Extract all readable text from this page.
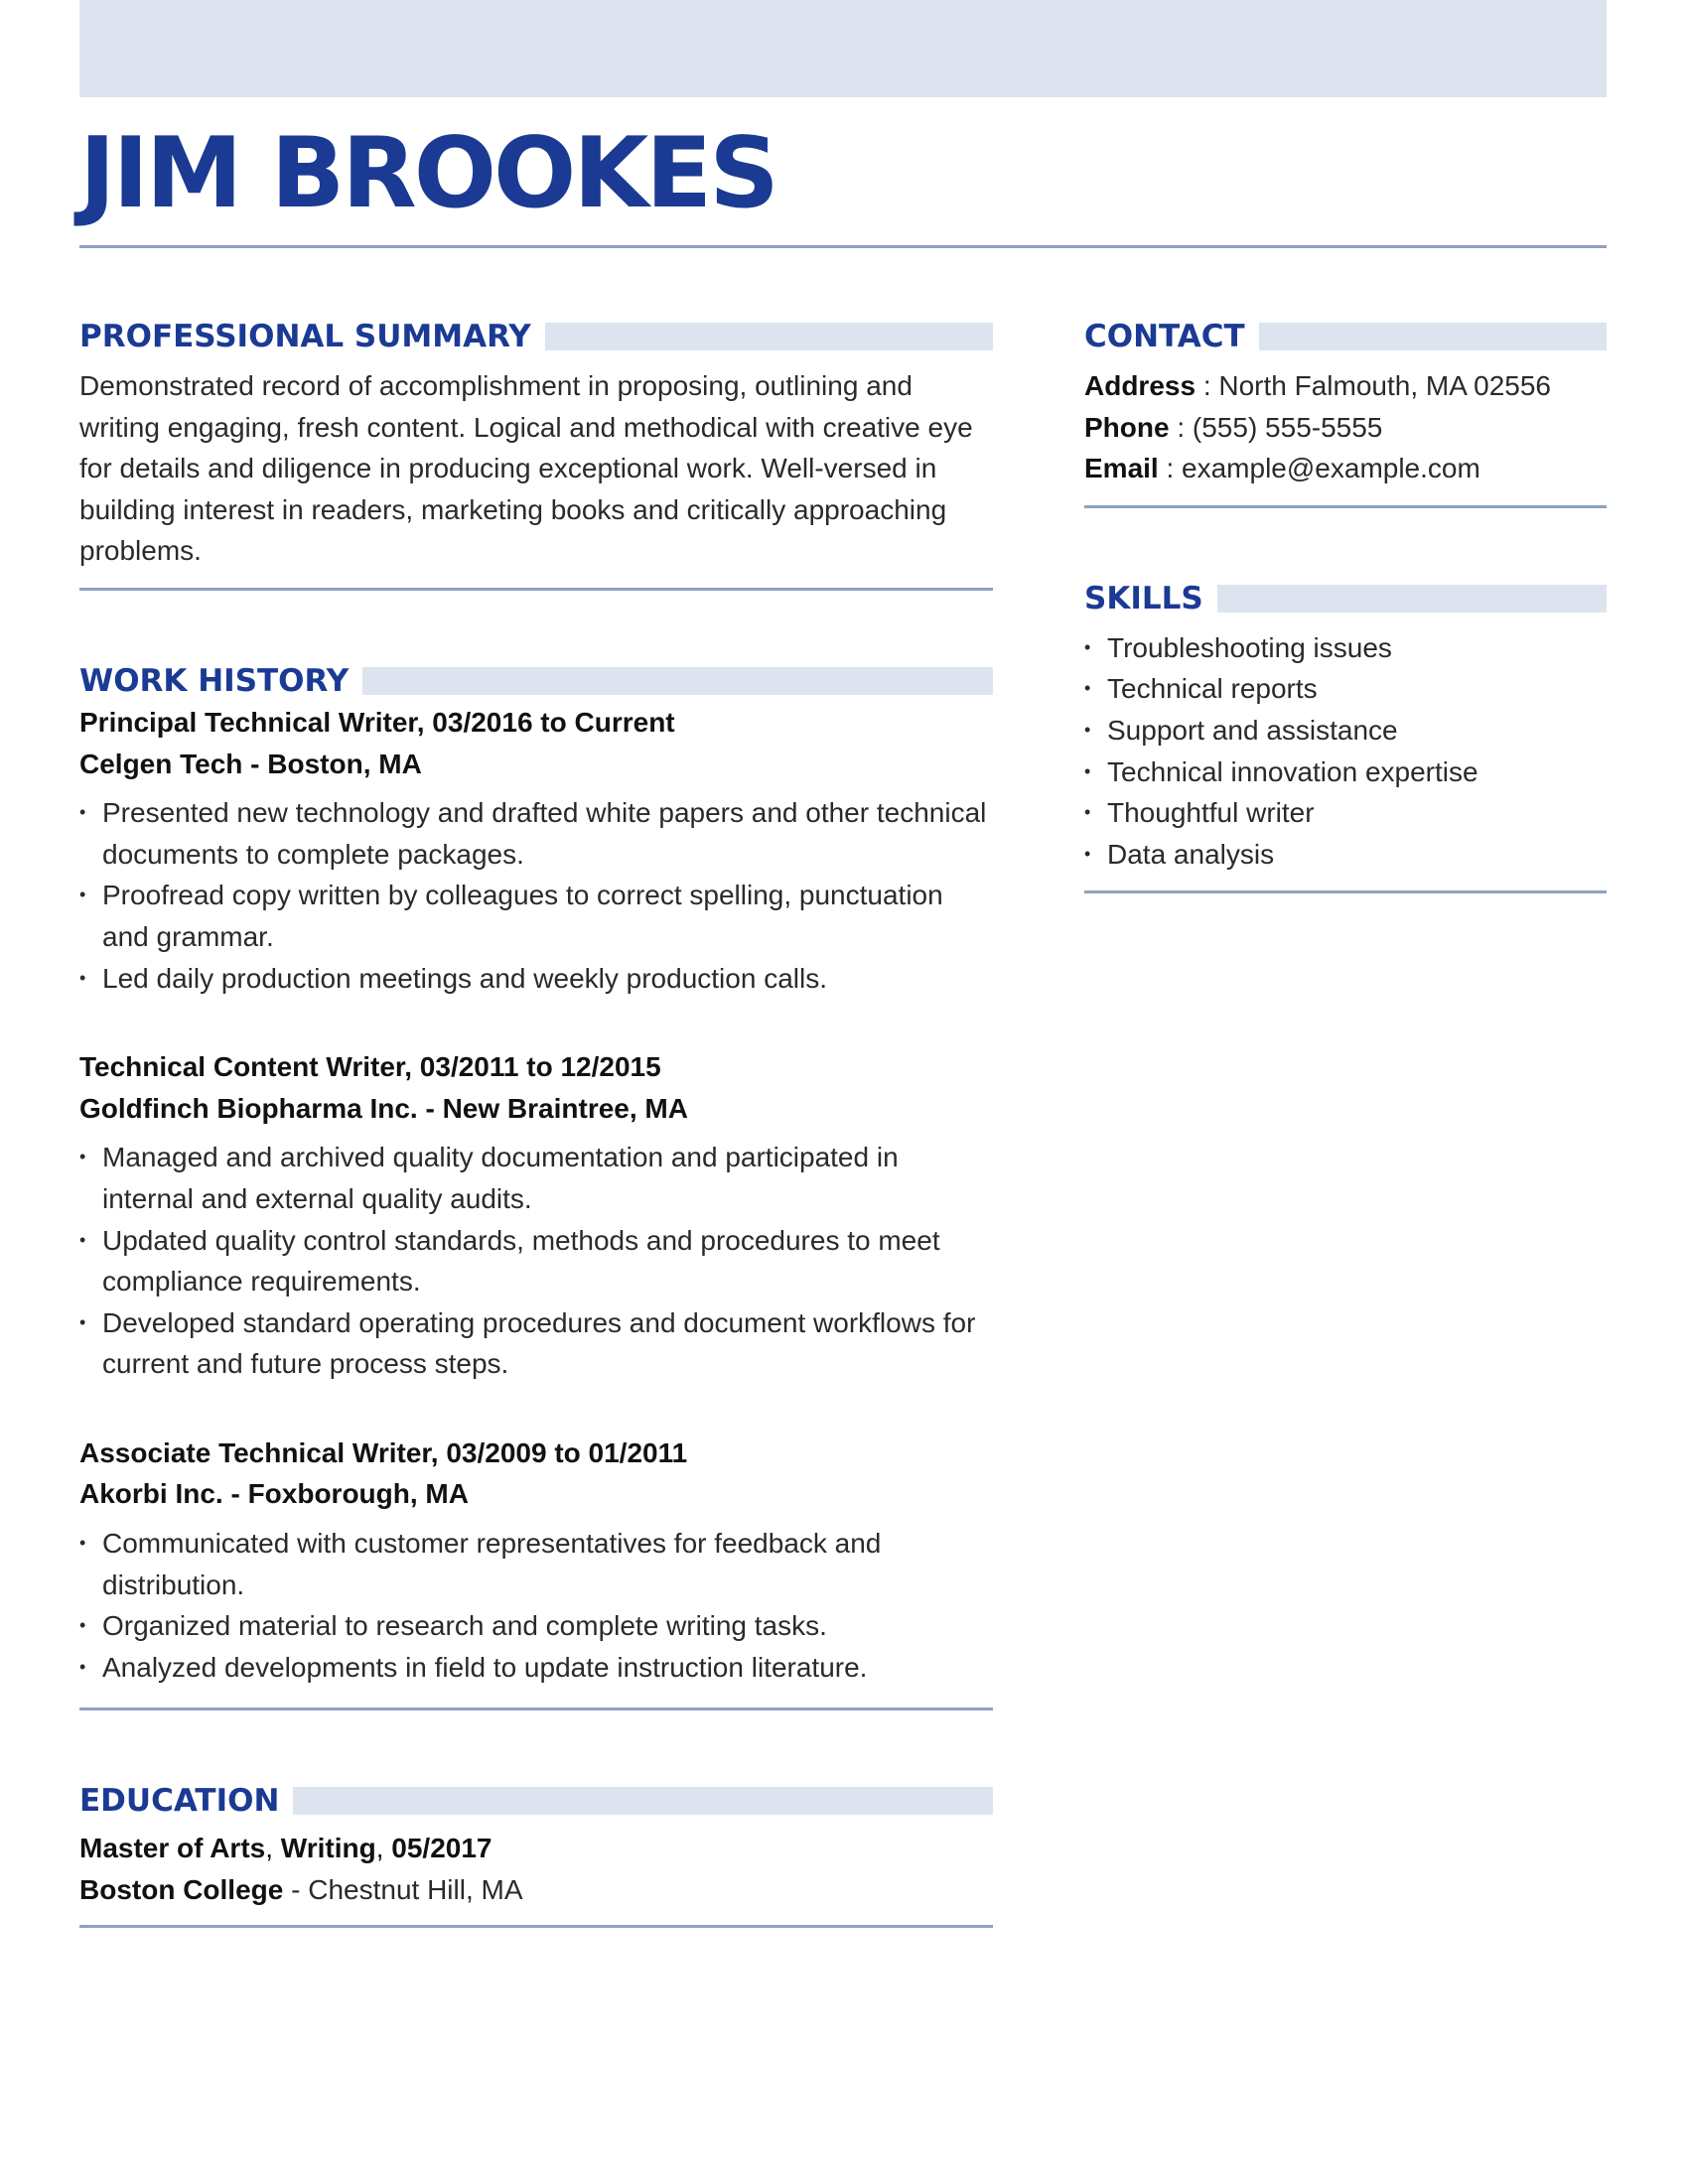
JIM BROOKES
PROFESSIONAL SUMMARY

Demonstrated record of accomplishment in proposing, outlining and writing engaging, fresh content. Logical and methodical with creative eye for details and diligence in producing exceptional work. Well-versed in building interest in readers, marketing books and critically approaching problems.

WORK HISTORY
Principal Technical Writer, 03/2016 to Current
Celgen Tech - Boston, MA
• Presented new technology and drafted white papers and other technical documents to complete packages.
• Proofread copy written by colleagues to correct spelling, punctuation and grammar.
• Led daily production meetings and weekly production calls.
Technical Content Writer, 03/2011 to 12/2015
Goldfinch Biopharma Inc. - New Braintree, MA
• Managed and archived quality documentation and participated in internal and external quality audits.
• Updated quality control standards, methods and procedures to meet compliance requirements.
• Developed standard operating procedures and document workflows for current and future process steps.
Associate Technical Writer, 03/2009 to 01/2011
Akorbi Inc. - Foxborough, MA
• Communicated with customer representatives for feedback and distribution.
• Organized material to research and complete writing tasks.
• Analyzed developments in field to update instruction literature.
EDUCATION
Master of Arts, Writing, 05/2017
Boston College - Chestnut Hill, MA
CONTACT
Address : North Falmouth, MA 02556
Phone : (555) 555-5555
Email : example@example.com
SKILLS
• Troubleshooting issues
• Technical reports
• Support and assistance
• Technical innovation expertise
• Thoughtful writer
• Data analysis
